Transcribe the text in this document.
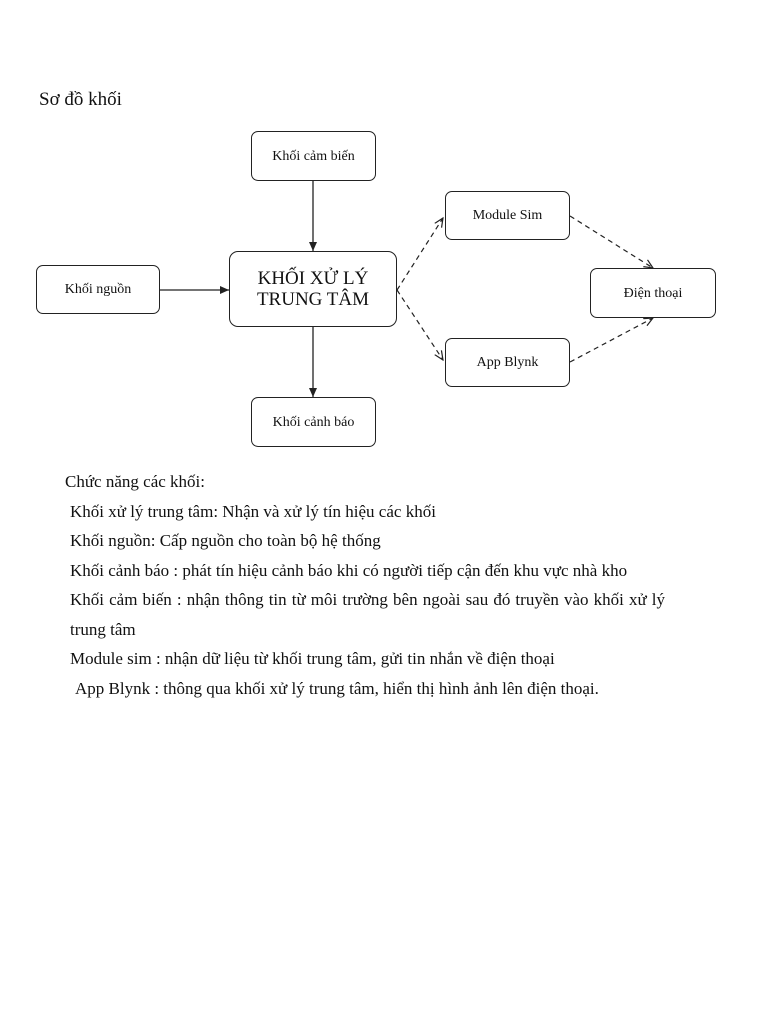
Sơ đồ khối
Khối cảm biến
Khối nguồn
KHỐI XỬ LÝ
TRUNG TÂM
Khối cảnh báo
Module Sim
App Blynk
Điện thoại

Chức năng các khối:

Khối xử lý trung tâm: Nhận và xử lý tín hiệu các khối

Khối nguồn: Cấp nguồn cho toàn bộ hệ thống

Khối cảnh báo : phát tín hiệu cảnh báo khi có người tiếp cận đến khu vực nhà kho

Khối cảm biến : nhận thông tin từ môi trường bên ngoài sau đó truyền vào khối xử lý trung tâm

Module sim : nhận dữ liệu từ khối trung tâm, gửi tin nhắn về điện thoại

App Blynk : thông qua khối xử lý trung tâm, hiển thị hình ảnh lên điện thoại.
